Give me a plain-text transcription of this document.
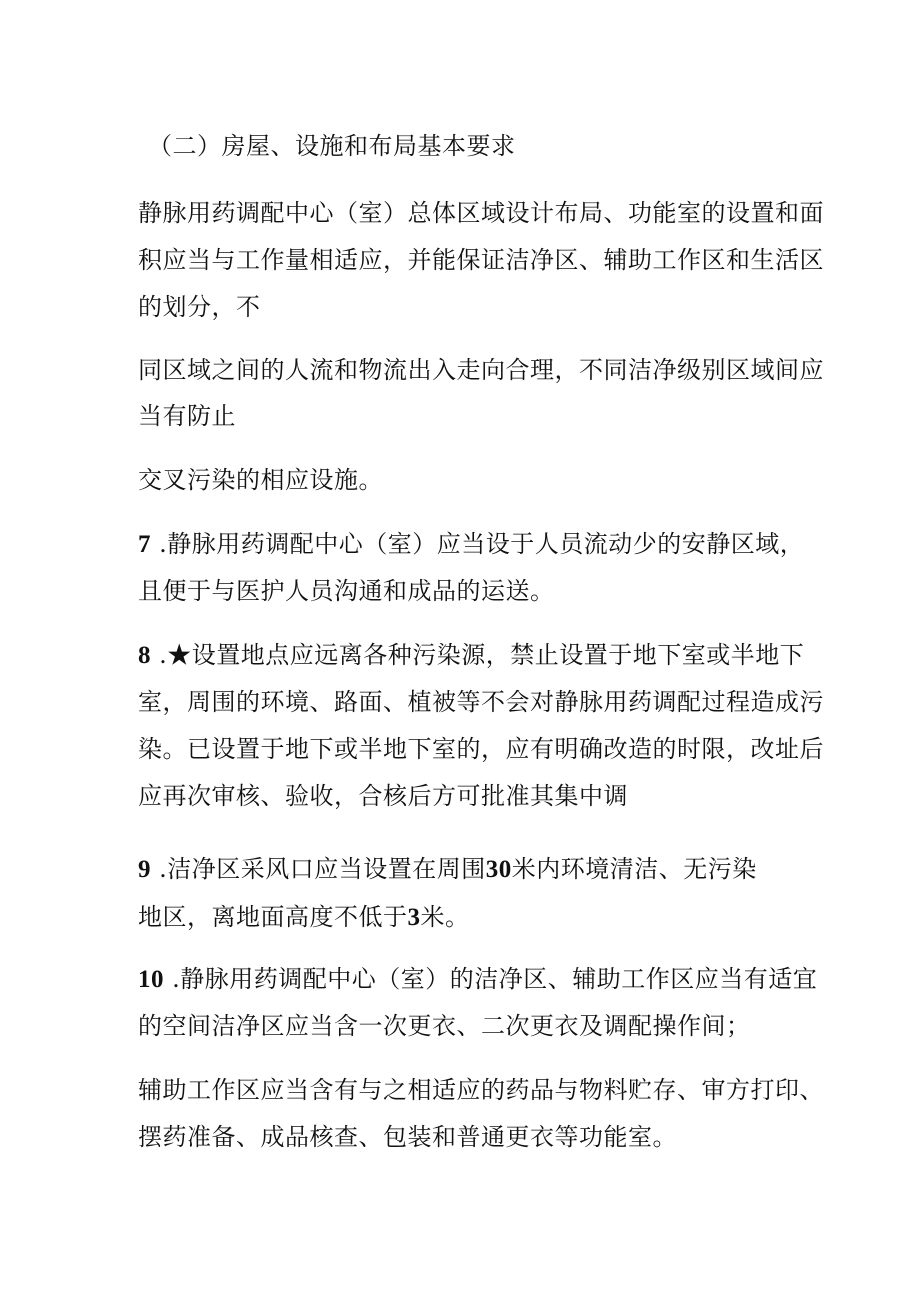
（二）房屋、设施和布局基本要求
静脉用药调配中心（室）总体区域设计布局、功能室的设置和面
积应当与工作量相适应，并能保证洁净区、辅助工作区和生活区
的划分，不
同区域之间的人流和物流出入走向合理，不同洁净级别区域间应
当有防止
交叉污染的相应设施。
7 .静脉用药调配中心（室）应当设于人员流动少的安静区域，
且便于与医护人员沟通和成品的运送。
8 .★设置地点应远离各种污染源，禁止设置于地下室或半地下
室，周围的环境、路面、植被等不会对静脉用药调配过程造成污
染。已设置于地下或半地下室的，应有明确改造的时限，改址后
应再次审核、验收，合核后方可批准其集中调
9 .洁净区采风口应当设置在周围30米内环境清洁、无污染
地区，离地面高度不低于3米。
10 .静脉用药调配中心（室）的洁净区、辅助工作区应当有适宜
的空间洁净区应当含一次更衣、二次更衣及调配操作间；
辅助工作区应当含有与之相适应的药品与物料贮存、审方打印、
摆药准备、成品核查、包装和普通更衣等功能室。
